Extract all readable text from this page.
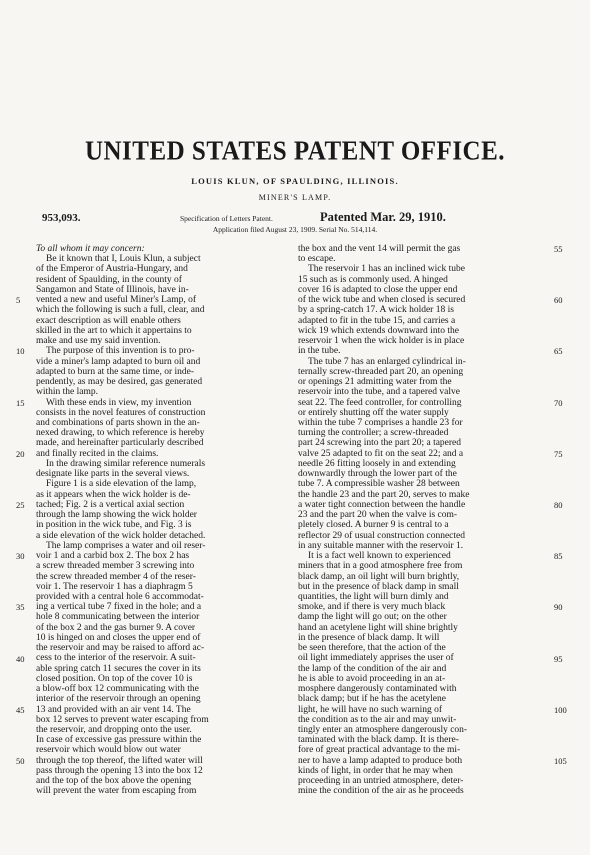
UNITED STATES PATENT OFFICE.
LOUIS KLUN, OF SPAULDING, ILLINOIS.
MINER'S LAMP.
953,093.	Specification of Letters Patent.	Patented Mar. 29, 1910.
Application filed August 23, 1909. Serial No. 514,114.
To all whom it may concern:
Be it known that I, Louis Klun, a subject
of the Emperor of Austria-Hungary, and
resident of Spaulding, in the county of
Sangamon and State of Illinois, have in-
vented a new and useful Miner's Lamp, of
which the following is such a full, clear, and
exact description as will enable others
skilled in the art to which it appertains to
make and use my said invention.
The purpose of this invention is to pro-
vide a miner's lamp adapted to burn oil and
adapted to burn at the same time, or inde-
pendently, as may be desired, gas generated
within the lamp.
With these ends in view, my invention
consists in the novel features of construction
and combinations of parts shown in the an-
nexed drawing, to which reference is hereby
made, and hereinafter particularly described
and finally recited in the claims.
In the drawing similar reference numerals
designate like parts in the several views.
Figure 1 is a side elevation of the lamp,
as it appears when the wick holder is de-
tached; Fig. 2 is a vertical axial section
through the lamp showing the wick holder
in position in the wick tube, and Fig. 3 is
a side elevation of the wick holder detached.
The lamp comprises a water and oil reser-
voir 1 and a carbid box 2. The box 2 has
a screw threaded member 3 screwing into
the screw threaded member 4 of the reser-
voir 1. The reservoir 1 has a diaphragm 5
provided with a central hole 6 accommodat-
ing a vertical tube 7 fixed in the hole; and a
hole 8 communicating between the interior
of the box 2 and the gas burner 9. A cover
10 is hinged on and closes the upper end of
the reservoir and may be raised to afford ac-
cess to the interior of the reservoir. A suit-
able spring catch 11 secures the cover in its
closed position. On top of the cover 10 is
a blow-off box 12 communicating with the
interior of the reservoir through an opening
13 and provided with an air vent 14. The
box 12 serves to prevent water escaping from
the reservoir, and dropping onto the user.
In case of excessive gas pressure within the
reservoir which would blow out water
through the top thereof, the lifted water will
pass through the opening 13 into the box 12
and the top of the box above the opening
will prevent the water from escaping from
the box and the vent 14 will permit the gas
to escape.
The reservoir 1 has an inclined wick tube
15 such as is commonly used. A hinged
cover 16 is adapted to close the upper end
of the wick tube and when closed is secured
by a spring-catch 17. A wick holder 18 is
adapted to fit in the tube 15, and carries a
wick 19 which extends downward into the
reservoir 1 when the wick holder is in place
in the tube.
The tube 7 has an enlarged cylindrical in-
ternally screw-threaded part 20, an opening
or openings 21 admitting water from the
reservoir into the tube, and a tapered valve
seat 22. The feed controller, for controlling
or entirely shutting off the water supply
within the tube 7 comprises a handle 23 for
turning the controller; a screw-threaded
part 24 screwing into the part 20; a tapered
valve 25 adapted to fit on the seat 22; and a
needle 26 fitting loosely in and extending
downwardly through the lower part of the
tube 7. A compressible washer 28 between
the handle 23 and the part 20, serves to make
a water tight connection between the handle
23 and the part 20 when the valve is com-
pletely closed. A burner 9 is central to a
reflector 29 of usual construction connected
in any suitable manner with the reservoir 1.
It is a fact well known to experienced
miners that in a good atmosphere free from
black damp, an oil light will burn brightly,
but in the presence of black damp in small
quantities, the light will burn dimly and
smoke, and if there is very much black
damp the light will go out; on the other
hand an acetylene light will shine brightly
in the presence of black damp. It will
be seen therefore, that the action of the
oil light immediately apprises the user of
the lamp of the condition of the air and
he is able to avoid proceeding in an at-
mosphere dangerously contaminated with
black damp; but if he has the acetylene
light, he will have no such warning of
the condition as to the air and may unwit-
tingly enter an atmosphere dangerously con-
taminated with the black damp. It is there-
fore of great practical advantage to the mi-
ner to have a lamp adapted to produce both
kinds of light, in order that he may when
proceeding in an untried atmosphere, deter-
mine the condition of the air as he proceeds
5
10
15
20
25
30
35
40
45
50
55
60
65
70
75
80
85
90
95
100
105
